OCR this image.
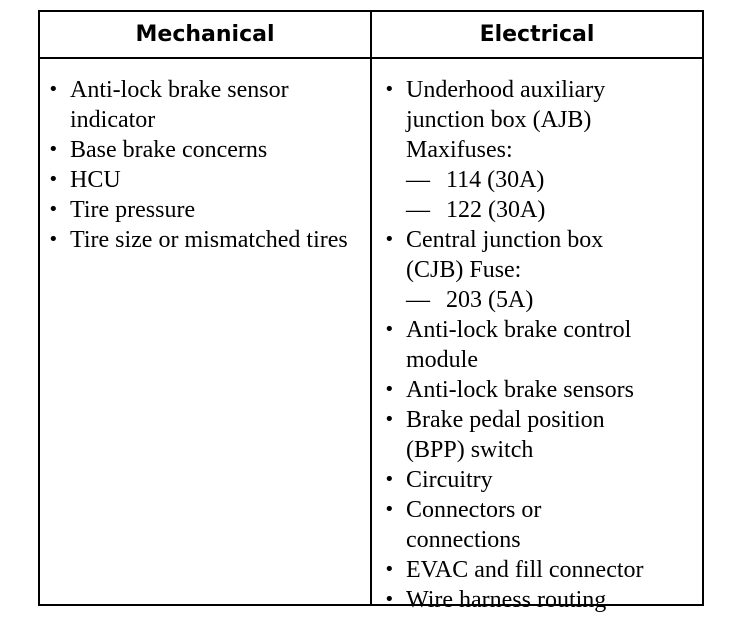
Mechanical	Electrical
• Anti-lock brake sensor indicator
• Base brake concerns
• HCU
• Tire pressure
• Tire size or mismatched tires
• Underhood auxiliary junction box (AJB) Maxifuses:
— 114 (30A)
— 122 (30A)
• Central junction box (CJB) Fuse:
— 203 (5A)
• Anti-lock brake control module
• Anti-lock brake sensors
• Brake pedal position (BPP) switch
• Circuitry
• Connectors or connections
• EVAC and fill connector
• Wire harness routing
